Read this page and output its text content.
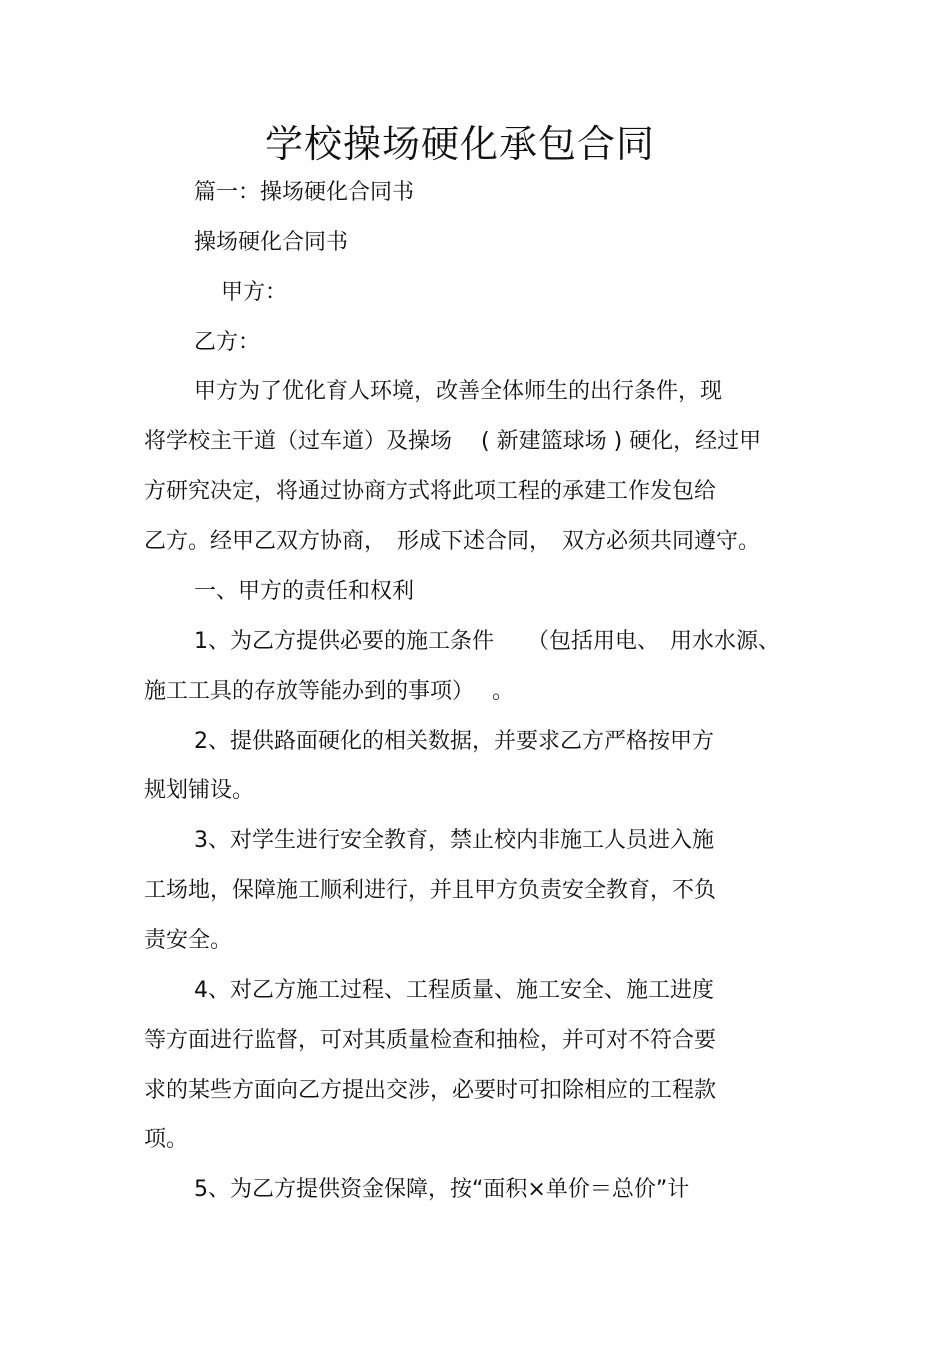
学校操场硬化承包合同
篇一：操场硬化合同书
操场硬化合同书
甲方：
乙方：
甲方为了优化育人环境，改善全体师生的出行条件，现
将学校主干道（过车道）及操场　 ( 新建篮球场 ) 硬化，经过甲
方研究决定，将通过协商方式将此项工程的承建工作发包给
乙方。经甲乙双方协商，　形成下述合同，　双方必须共同遵守。
一、甲方的责任和权利
1、为乙方提供必要的施工条件　　（包括用电、　用水水源、
施工工具的存放等能办到的事项）　 。
2、提供路面硬化的相关数据，并要求乙方严格按甲方
规划铺设。
3、对学生进行安全教育，禁止校内非施工人员进入施
工场地，保障施工顺利进行，并且甲方负责安全教育，不负
责安全。
4、对乙方施工过程、工程质量、施工安全、施工进度
等方面进行监督，可对其质量检查和抽检，并可对不符合要
求的某些方面向乙方提出交涉，必要时可扣除相应的工程款
项。
5、为乙方提供资金保障，按“面积×单价＝总价”计
